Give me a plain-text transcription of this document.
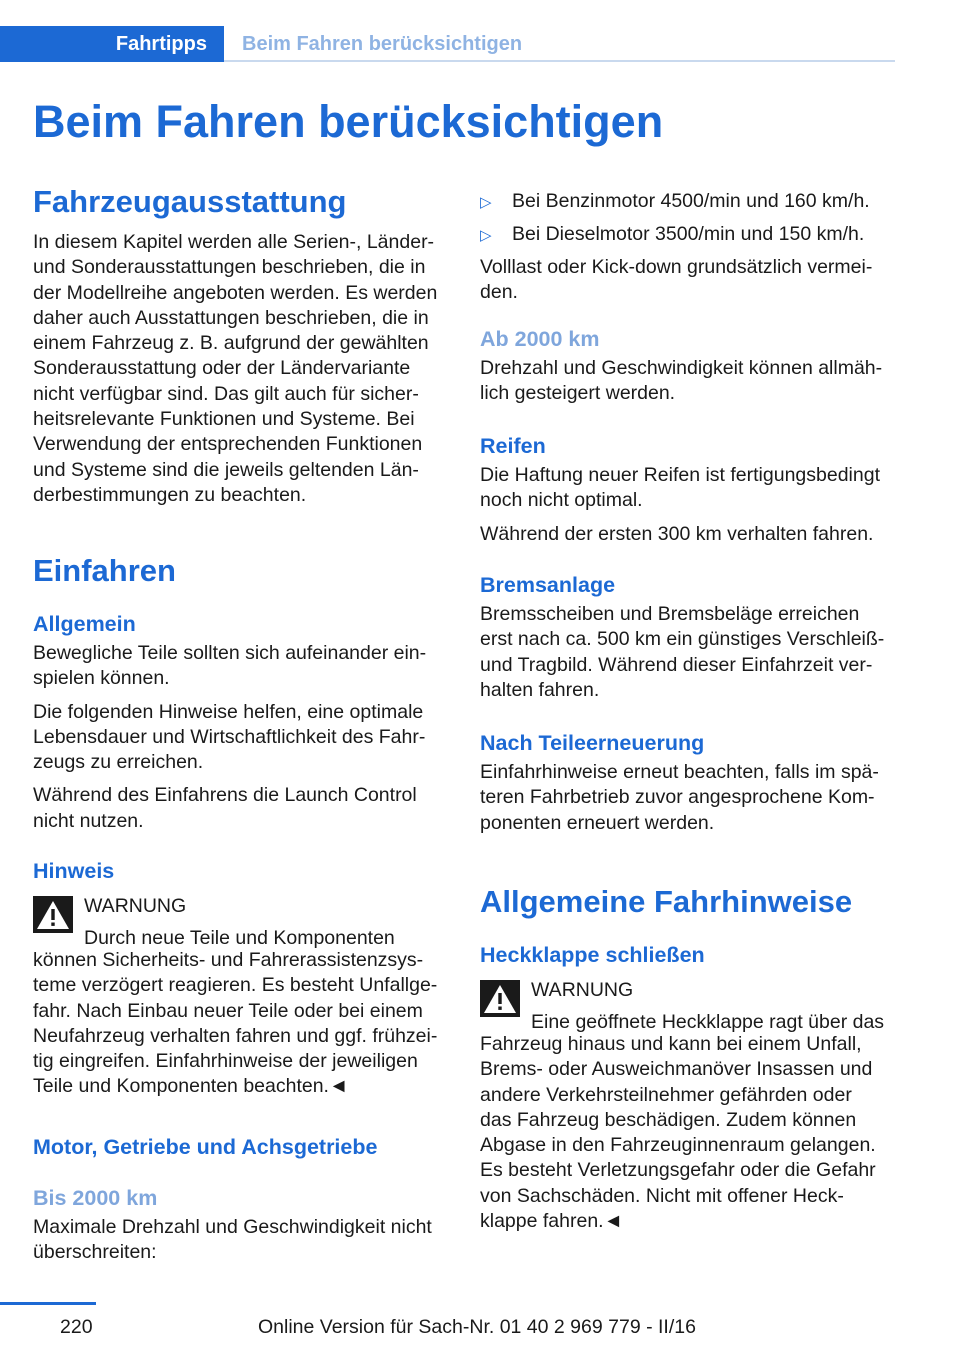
Fahrtipps	Beim Fahren berücksichtigen
Beim Fahren berücksichtigen
Fahrzeugausstattung

In diesem Kapitel werden alle Serien-, Länder-

und Sonderausstattungen beschrieben, die in

der Modellreihe angeboten werden. Es werden

daher auch Ausstattungen beschrieben, die in

einem Fahrzeug z. B. aufgrund der gewählten

Sonderausstattung oder der Ländervariante

nicht verfügbar sind. Das gilt auch für sicher-

heitsrelevante Funktionen und Systeme. Bei

Verwendung der entsprechenden Funktionen

und Systeme sind die jeweils geltenden Län-

derbestimmungen zu beachten.

Einfahren
Allgemein

Bewegliche Teile sollten sich aufeinander ein-

spielen können.

Die folgenden Hinweise helfen, eine optimale

Lebensdauer und Wirtschaftlichkeit des Fahr-

zeugs zu erreichen.

Während des Einfahrens die Launch Control

nicht nutzen.

Hinweis
WARNUNG
Durch neue Teile und Komponenten

können Sicherheits- und Fahrerassistenzsys-

teme verzögert reagieren. Es besteht Unfallge-

fahr. Nach Einbau neuer Teile oder bei einem

Neufahrzeug verhalten fahren und ggf. frühzei-

tig eingreifen. Einfahrhinweise der jeweiligen

Teile und Komponenten beachten.◄

Motor, Getriebe und Achsgetriebe
Bis 2000 km

Maximale Drehzahl und Geschwindigkeit nicht

überschreiten:

▷	Bei Benzinmotor 4500/min und 160 km/h.
▷	Bei Dieselmotor 3500/min und 150 km/h.

Volllast oder Kick-down grundsätzlich vermei-

den.

Ab 2000 km

Drehzahl und Geschwindigkeit können allmäh-

lich gesteigert werden.

Reifen

Die Haftung neuer Reifen ist fertigungsbedingt

noch nicht optimal.

Während der ersten 300 km verhalten fahren.

Bremsanlage

Bremsscheiben und Bremsbeläge erreichen

erst nach ca. 500 km ein günstiges Verschleiß-

und Tragbild. Während dieser Einfahrzeit ver-

halten fahren.

Nach Teileerneuerung

Einfahrhinweise erneut beachten, falls im spä-

teren Fahrbetrieb zuvor angesprochene Kom-

ponenten erneuert werden.

Allgemeine Fahrhinweise
Heckklappe schließen
WARNUNG
Eine geöffnete Heckklappe ragt über das

Fahrzeug hinaus und kann bei einem Unfall,

Brems- oder Ausweichmanöver Insassen und

andere Verkehrsteilnehmer gefährden oder

das Fahrzeug beschädigen. Zudem können

Abgase in den Fahrzeuginnenraum gelangen.

Es besteht Verletzungsgefahr oder die Gefahr

von Sachschäden. Nicht mit offener Heck-

klappe fahren.◄

220	Online Version für Sach-Nr. 01 40 2 969 779 - II/16
